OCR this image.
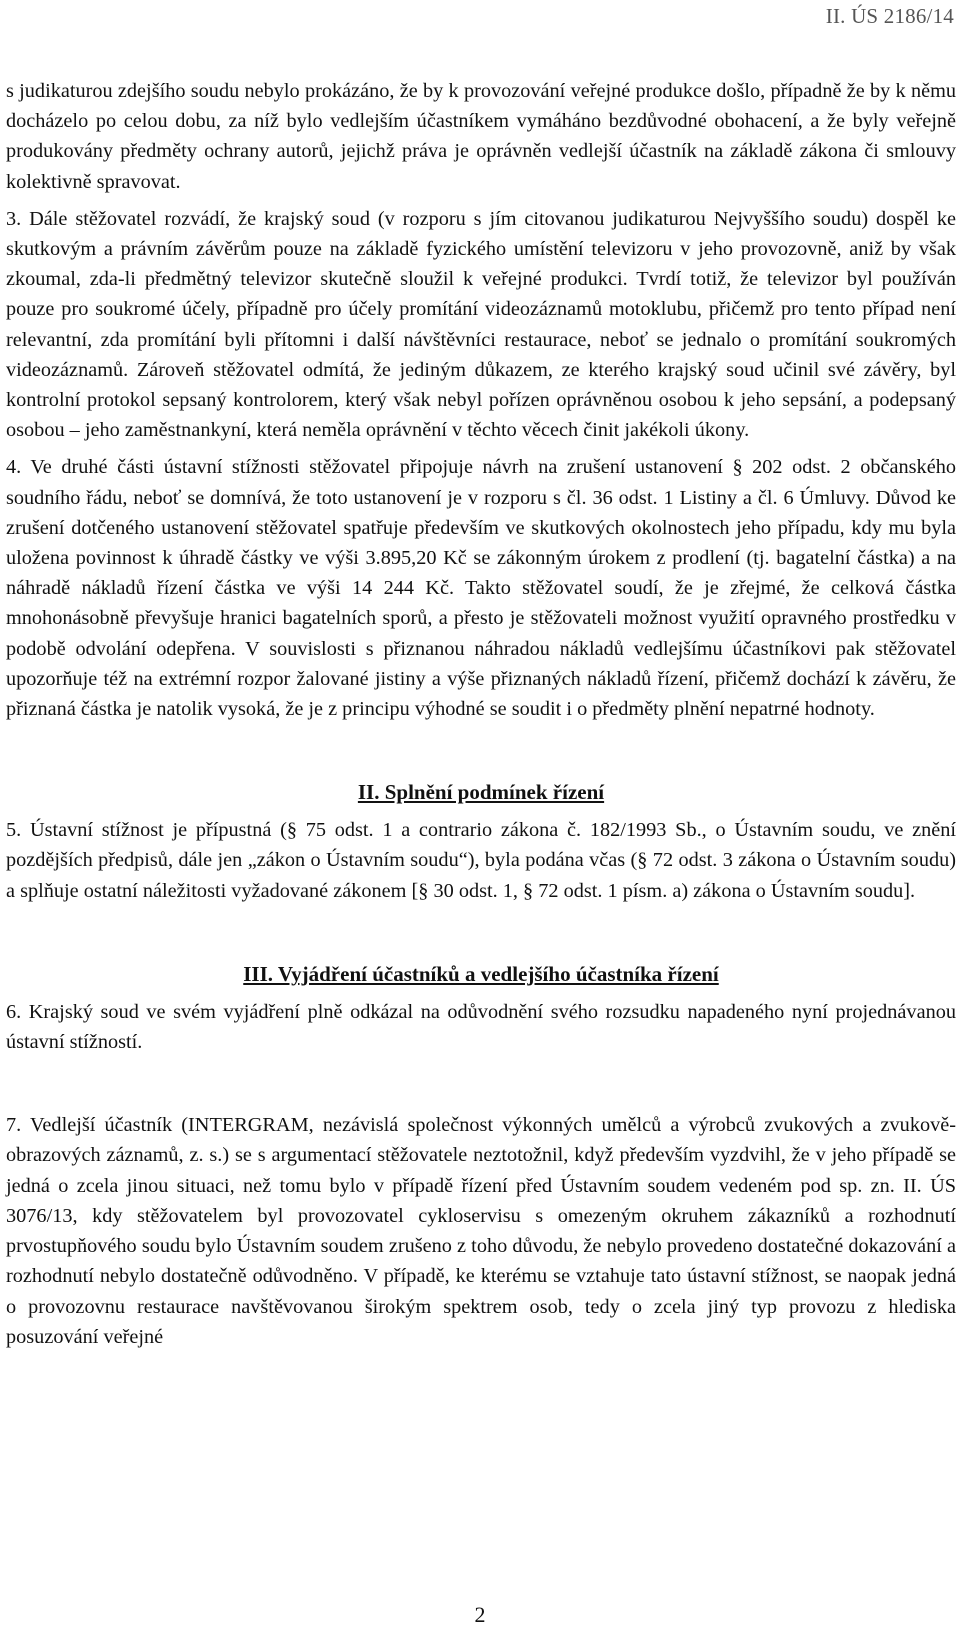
II. ÚS 2186/14

s judikaturou zdejšího soudu nebylo prokázáno, že by k provozování veřejné produkce došlo, případně že by k němu docházelo po celou dobu, za níž bylo vedlejším účastníkem vymáháno bezdůvodné obohacení, a že byly veřejně produkovány předměty ochrany autorů, jejichž práva je oprávněn vedlejší účastník na základě zákona či smlouvy kolektivně spravovat.

3. Dále stěžovatel rozvádí, že krajský soud (v rozporu s jím citovanou judikaturou Nejvyššího soudu) dospěl ke skutkovým a právním závěrům pouze na základě fyzického umístění televizoru v jeho provozovně, aniž by však zkoumal, zda-li předmětný televizor skutečně sloužil k veřejné produkci. Tvrdí totiž, že televizor byl používán pouze pro soukromé účely, případně pro účely promítání videozáznamů motoklubu, přičemž pro tento případ není relevantní, zda promítání byli přítomni i další návštěvníci restaurace, neboť se jednalo o promítání soukromých videozáznamů. Zároveň stěžovatel odmítá, že jediným důkazem, ze kterého krajský soud učinil své závěry, byl kontrolní protokol sepsaný kontrolorem, který však nebyl pořízen oprávněnou osobou k jeho sepsání, a podepsaný osobou – jeho zaměstnankyní, která neměla oprávnění v těchto věcech činit jakékoli úkony.

4. Ve druhé části ústavní stížnosti stěžovatel připojuje návrh na zrušení ustanovení § 202 odst. 2 občanského soudního řádu, neboť se domnívá, že toto ustanovení je v rozporu s čl. 36 odst. 1 Listiny a čl. 6 Úmluvy. Důvod ke zrušení dotčeného ustanovení stěžovatel spatřuje především ve skutkových okolnostech jeho případu, kdy mu byla uložena povinnost k úhradě částky ve výši 3.895,20 Kč se zákonným úrokem z prodlení (tj. bagatelní částka) a na náhradě nákladů řízení částka ve výši 14 244 Kč. Takto stěžovatel soudí, že je zřejmé, že celková částka mnohonásobně převyšuje hranici bagatelních sporů, a přesto je stěžovateli možnost využití opravného prostředku v podobě odvolání odepřena. V souvislosti s přiznanou náhradou nákladů vedlejšímu účastníkovi pak stěžovatel upozorňuje též na extrémní rozpor žalované jistiny a výše přiznaných nákladů řízení, přičemž dochází k závěru, že přiznaná částka je natolik vysoká, že je z principu výhodné se soudit i o předměty plnění nepatrné hodnoty.

II. Splnění podmínek řízení

5. Ústavní stížnost je přípustná (§ 75 odst. 1 a contrario zákona č. 182/1993 Sb., o Ústavním soudu, ve znění pozdějších předpisů, dále jen „zákon o Ústavním soudu“), byla podána včas (§ 72 odst. 3 zákona o Ústavním soudu) a splňuje ostatní náležitosti vyžadované zákonem [§ 30 odst. 1, § 72 odst. 1 písm. a) zákona o Ústavním soudu].

III. Vyjádření účastníků a vedlejšího účastníka řízení

6. Krajský soud ve svém vyjádření plně odkázal na odůvodnění svého rozsudku napadeného nyní projednávanou ústavní stížností.

7. Vedlejší účastník (INTERGRAM, nezávislá společnost výkonných umělců a výrobců zvukových a zvukově-obrazových záznamů, z. s.) se s argumentací stěžovatele neztotožnil, když především vyzdvihl, že v jeho případě se jedná o zcela jinou situaci, než tomu bylo v případě řízení před Ústavním soudem vedeném pod sp. zn. II. ÚS 3076/13, kdy stěžovatelem byl provozovatel cykloservisu s omezeným okruhem zákazníků a rozhodnutí prvostupňového soudu bylo Ústavním soudem zrušeno z toho důvodu, že nebylo provedeno dostatečné dokazování a rozhodnutí nebylo dostatečně odůvodněno. V případě, ke kterému se vztahuje tato ústavní stížnost, se naopak jedná o provozovnu restaurace navštěvovanou širokým spektrem osob, tedy o zcela jiný typ provozu z hlediska posuzování veřejné

2
